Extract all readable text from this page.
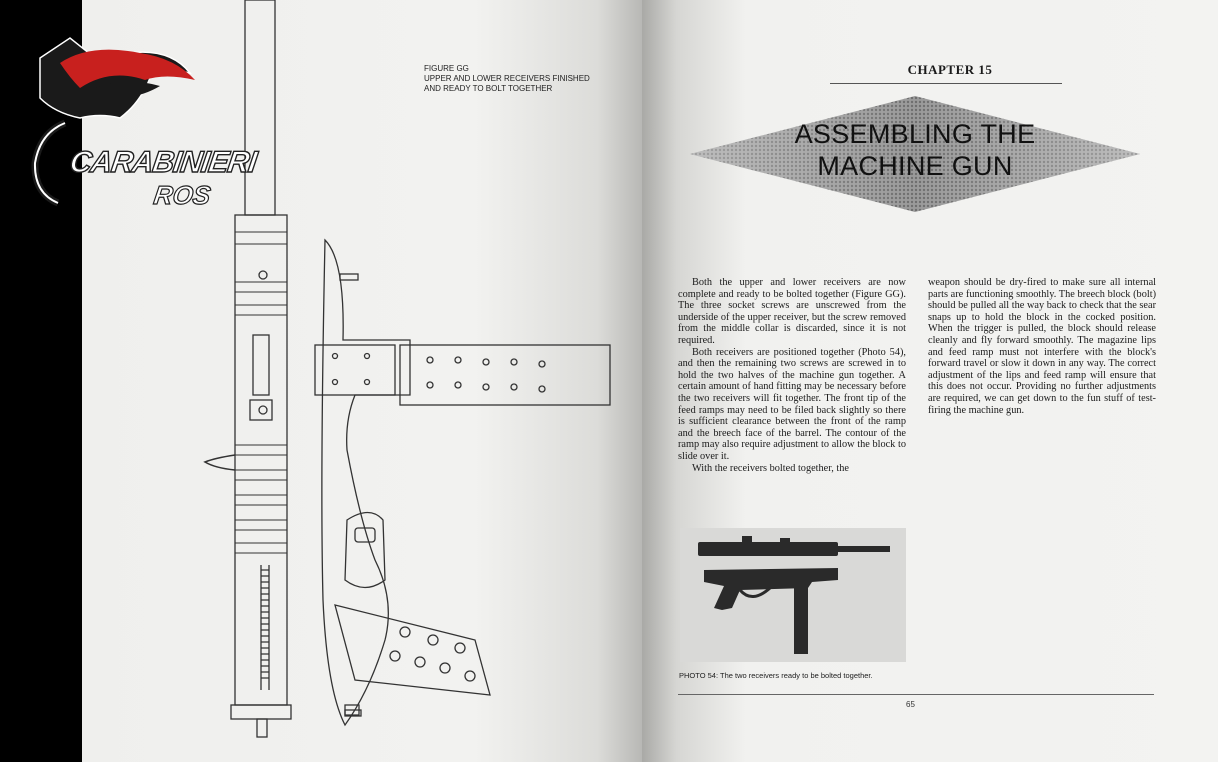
CARABINIERI
ROS
FIGURE GG
UPPER AND LOWER RECEIVERS FINISHED
AND READY TO BOLT TOGETHER
CHAPTER 15
ASSEMBLING THE
MACHINE GUN

Both the upper and lower receivers are now complete and ready to be bolted together (Figure GG). The three socket screws are unscrewed from the underside of the upper receiver, but the screw removed from the middle collar is discarded, since it is not required.

Both receivers are positioned together (Photo 54), and then the remaining two screws are screwed in to hold the two halves of the machine gun together. A certain amount of hand fitting may be necessary before the two receivers will fit together. The front tip of the feed ramps may need to be filed back slightly so there is sufficient clearance between the front of the ramp and the breech face of the barrel. The contour of the ramp may also require adjustment to allow the block to slide over it.

With the receivers bolted together, the

weapon should be dry-fired to make sure all internal parts are functioning smoothly. The breech block (bolt) should be pulled all the way back to check that the sear snaps up to hold the block in the cocked position. When the trigger is pulled, the block should release cleanly and fly forward smoothly. The magazine lips and feed ramp must not interfere with the block's forward travel or slow it down in any way. The correct adjustment of the lips and feed ramp will ensure that this does not occur. Providing no further adjustments are required, we can get down to the fun stuff of test-firing the machine gun.

PHOTO 54: The two receivers ready to be bolted together.
65
